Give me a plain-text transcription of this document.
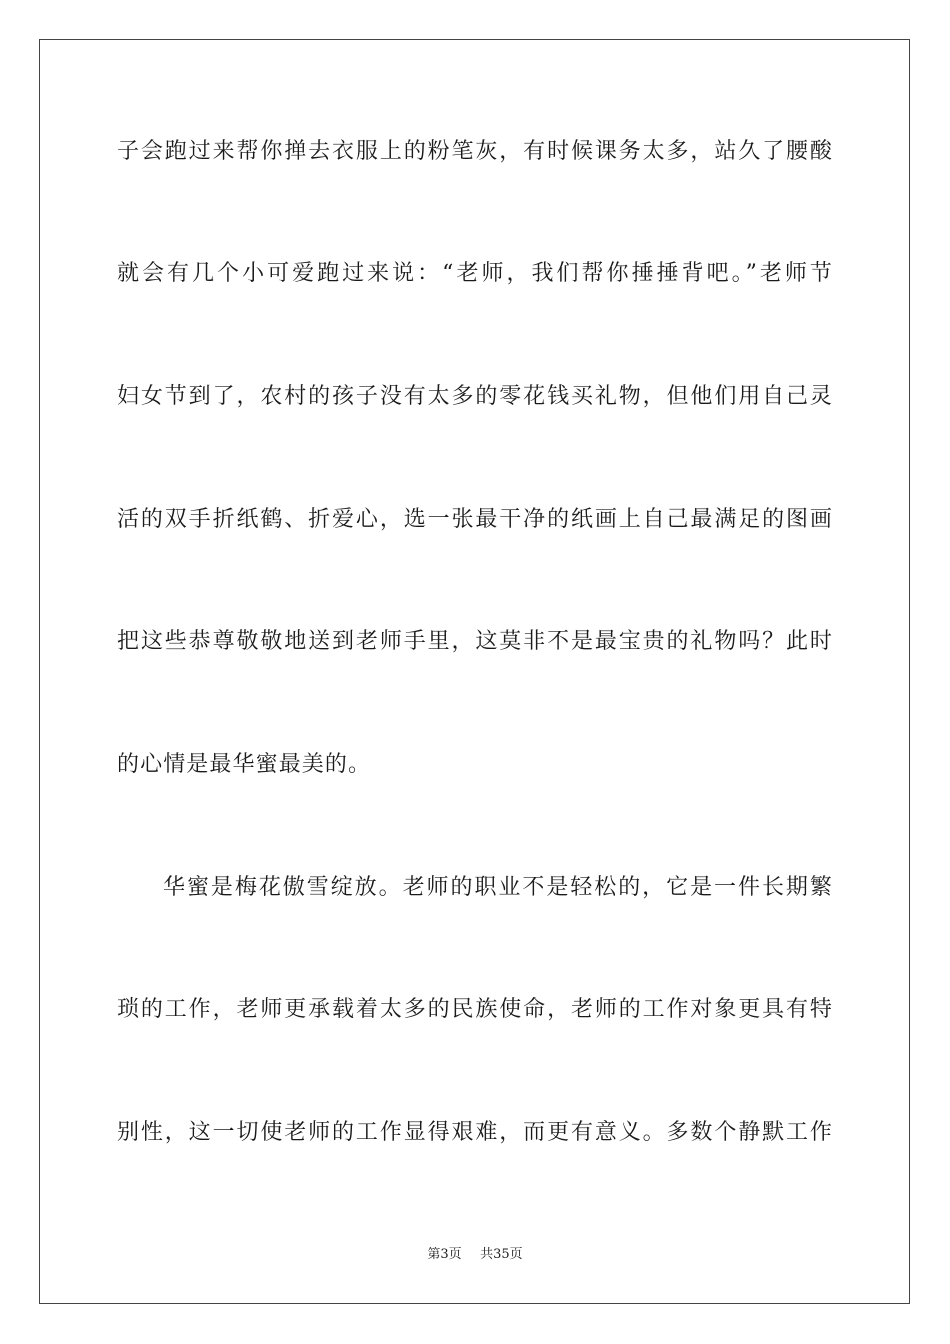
子会跑过来帮你掸去衣服上的粉笔灰，有时候课务太多，站久了腰酸
就会有几个小可爱跑过来说：“老师，我们帮你捶捶背吧。”老师节
妇女节到了，农村的孩子没有太多的零花钱买礼物，但他们用自己灵
活的双手折纸鹤、折爱心，选一张最干净的纸画上自己最满足的图画
把这些恭尊敬敬地送到老师手里，这莫非不是最宝贵的礼物吗？此时
的心情是最华蜜最美的。
华蜜是梅花傲雪绽放。老师的职业不是轻松的，它是一件长期繁
琐的工作，老师更承载着太多的民族使命，老师的工作对象更具有特
别性，这一切使老师的工作显得艰难，而更有意义。多数个静默工作
第3页 共35页
